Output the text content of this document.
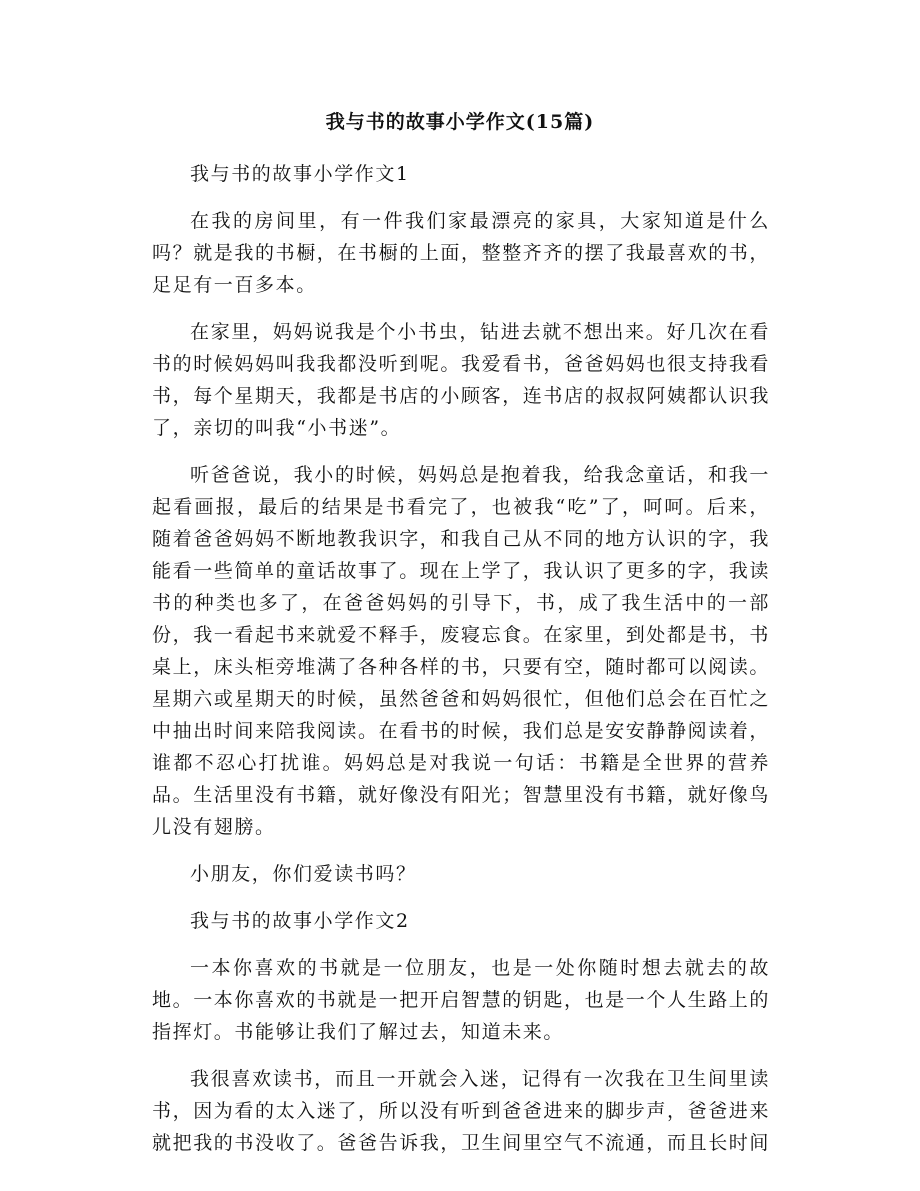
我与书的故事小学作文(15篇)

我与书的故事小学作文1

在我的房间里，有一件我们家最漂亮的家具，大家知道是什么吗？就是我的书橱，在书橱的上面，整整齐齐的摆了我最喜欢的书，足足有一百多本。

在家里，妈妈说我是个小书虫，钻进去就不想出来。好几次在看书的时候妈妈叫我我都没听到呢。我爱看书，爸爸妈妈也很支持我看书，每个星期天，我都是书店的小顾客，连书店的叔叔阿姨都认识我了，亲切的叫我“小书迷”。

听爸爸说，我小的时候，妈妈总是抱着我，给我念童话，和我一起看画报，最后的结果是书看完了，也被我“吃”了，呵呵。后来，随着爸爸妈妈不断地教我识字，和我自己从不同的地方认识的字，我能看一些简单的童话故事了。现在上学了，我认识了更多的字，我读书的种类也多了，在爸爸妈妈的引导下，书，成了我生活中的一部份，我一看起书来就爱不释手，废寝忘食。在家里，到处都是书，书桌上，床头柜旁堆满了各种各样的书，只要有空，随时都可以阅读。星期六或星期天的时候，虽然爸爸和妈妈很忙，但他们总会在百忙之中抽出时间来陪我阅读。在看书的时候，我们总是安安静静阅读着，谁都不忍心打扰谁。妈妈总是对我说一句话：书籍是全世界的营养品。生活里没有书籍，就好像没有阳光；智慧里没有书籍，就好像鸟儿没有翅膀。

小朋友，你们爱读书吗？

我与书的故事小学作文2

一本你喜欢的书就是一位朋友，也是一处你随时想去就去的故地。一本你喜欢的书就是一把开启智慧的钥匙，也是一个人生路上的指挥灯。书能够让我们了解过去，知道未来。

我很喜欢读书，而且一开就会入迷，记得有一次我在卫生间里读书，因为看的太入迷了，所以没有听到爸爸进来的脚步声，爸爸进来就把我的书没收了。爸爸告诉我，卫生间里空气不流通，而且长时间
